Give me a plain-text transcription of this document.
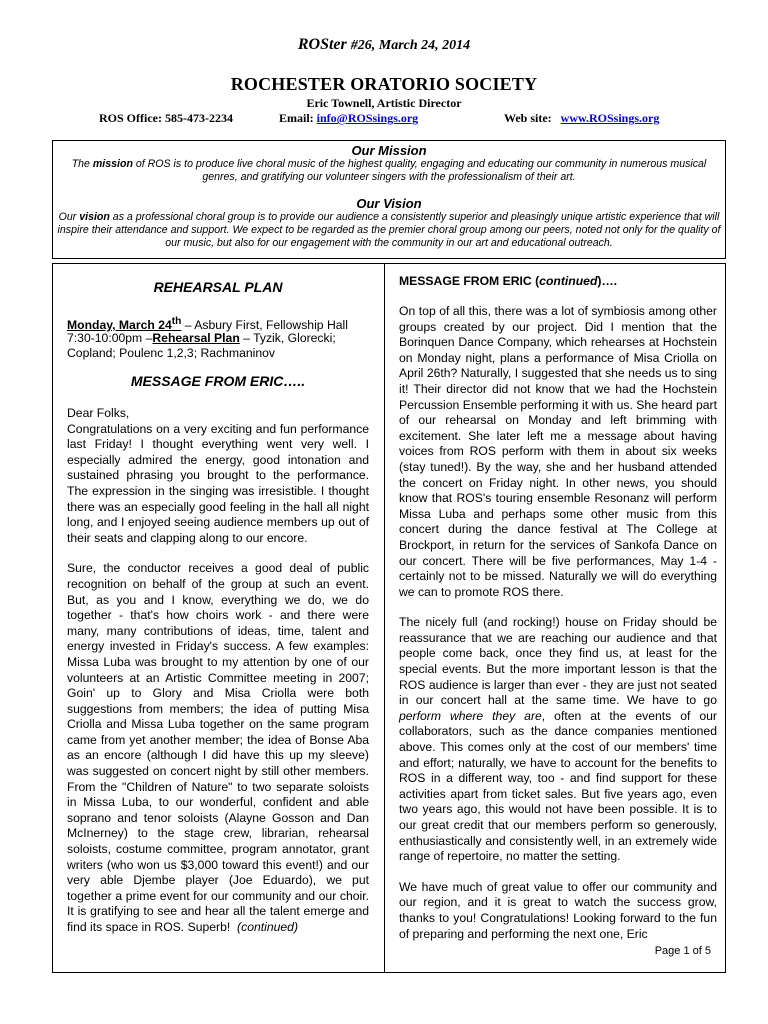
ROSter #26, March 24, 2014
ROCHESTER ORATORIO SOCIETY
Eric Townell, Artistic Director
ROS Office: 585-473-2234	Email: info@ROSsings.org	Web site: www.ROSsings.org
Our Mission

The mission of ROS is to produce live choral music of the highest quality, engaging and educating our community in numerous musical genres, and gratifying our volunteer singers with the professionalism of their art.

Our Vision

Our vision as a professional choral group is to provide our audience a consistently superior and pleasingly unique artistic experience that will inspire their attendance and support. We expect to be regarded as the premier choral group among our peers, noted not only for the quality of our music, but also for our engagement with the community in our art and educational outreach.

REHEARSAL PLAN

Monday, March 24th – Asbury First, Fellowship Hall

7:30-10:00pm –Rehearsal Plan – Tyzik, Glorecki; Copland; Poulenc 1,2,3; Rachmaninov

MESSAGE FROM ERIC…..

Dear Folks,

Congratulations on a very exciting and fun performance last Friday! I thought everything went very well. I especially admired the energy, good intonation and sustained phrasing you brought to the performance. The expression in the singing was irresistible. I thought there was an especially good feeling in the hall all night long, and I enjoyed seeing audience members up out of their seats and clapping along to our encore.

Sure, the conductor receives a good deal of public recognition on behalf of the group at such an event. But, as you and I know, everything we do, we do together - that's how choirs work - and there were many, many contributions of ideas, time, talent and energy invested in Friday's success. A few examples: Missa Luba was brought to my attention by one of our volunteers at an Artistic Committee meeting in 2007; Goin' up to Glory and Misa Criolla were both suggestions from members; the idea of putting Misa Criolla and Missa Luba together on the same program came from yet another member; the idea of Bonse Aba as an encore (although I did have this up my sleeve) was suggested on concert night by still other members. From the "Children of Nature" to two separate soloists in Missa Luba, to our wonderful, confident and able soprano and tenor soloists (Alayne Gosson and Dan McInerney) to the stage crew, librarian, rehearsal soloists, costume committee, program annotator, grant writers (who won us $3,000 toward this event!) and our very able Djembe player (Joe Eduardo), we put together a prime event for our community and our choir. It is gratifying to see and hear all the talent emerge and find its space in ROS. Superb! (continued)

MESSAGE FROM ERIC (continued)….

On top of all this, there was a lot of symbiosis among other groups created by our project. Did I mention that the Borinquen Dance Company, which rehearses at Hochstein on Monday night, plans a performance of Misa Criolla on April 26th? Naturally, I suggested that she needs us to sing it! Their director did not know that we had the Hochstein Percussion Ensemble performing it with us. She heard part of our rehearsal on Monday and left brimming with excitement. She later left me a message about having voices from ROS perform with them in about six weeks (stay tuned!). By the way, she and her husband attended the concert on Friday night. In other news, you should know that ROS's touring ensemble Resonanz will perform Missa Luba and perhaps some other music from this concert during the dance festival at The College at Brockport, in return for the services of Sankofa Dance on our concert. There will be five performances, May 1-4 -certainly not to be missed. Naturally we will do everything we can to promote ROS there.

The nicely full (and rocking!) house on Friday should be reassurance that we are reaching our audience and that people come back, once they find us, at least for the special events. But the more important lesson is that the ROS audience is larger than ever - they are just not seated in our concert hall at the same time. We have to go perform where they are, often at the events of our collaborators, such as the dance companies mentioned above. This comes only at the cost of our members' time and effort; naturally, we have to account for the benefits to ROS in a different way, too - and find support for these activities apart from ticket sales. But five years ago, even two years ago, this would not have been possible. It is to our great credit that our members perform so generously, enthusiastically and consistently well, in an extremely wide range of repertoire, no matter the setting.

We have much of great value to offer our community and our region, and it is great to watch the success grow, thanks to you! Congratulations! Looking forward to the fun of preparing and performing the next one, Eric

Page 1 of 5
